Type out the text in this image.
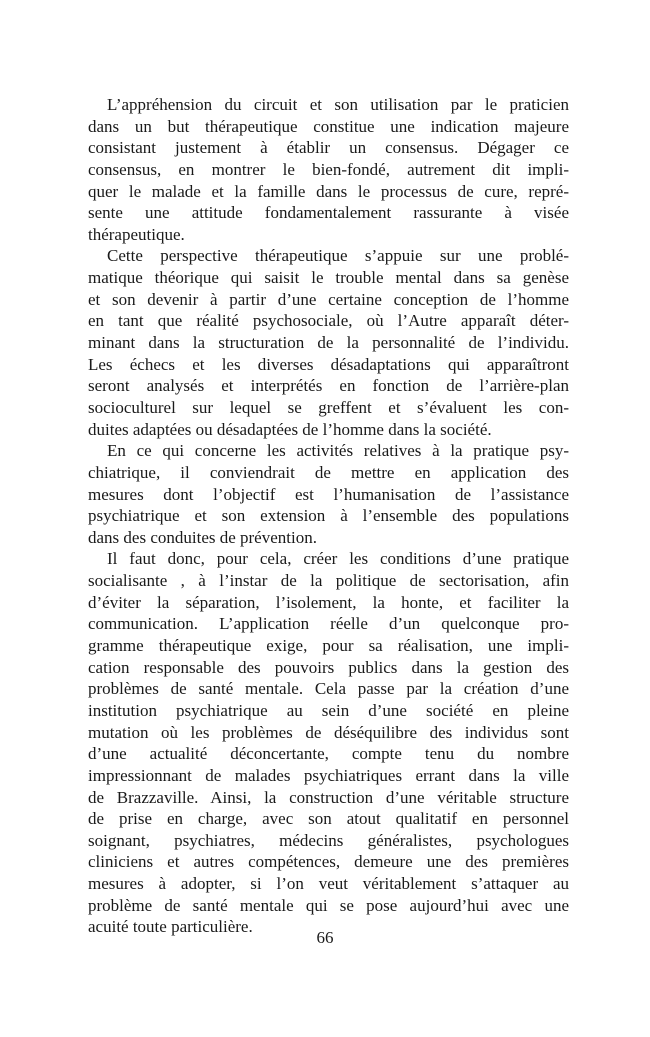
L’appréhension du circuit et son utilisation par le praticien
dans un but thérapeutique constitue une indication majeure
consistant justement à établir un consensus. Dégager ce
consensus, en montrer le bien-fondé, autrement dit impli-
quer le malade et la famille dans le processus de cure, repré-
sente une attitude fondamentalement rassurante à visée
thérapeutique.
Cette perspective thérapeutique s’appuie sur une problé-
matique théorique qui saisit le trouble mental dans sa genèse
et son devenir à partir d’une certaine conception de l’homme
en tant que réalité psychosociale, où l’Autre apparaît déter-
minant dans la structuration de la personnalité de l’individu.
Les échecs et les diverses désadaptations qui apparaîtront
seront analysés et interprétés en fonction de l’arrière-plan
socioculturel sur lequel se greffent et s’évaluent les con-
duites adaptées ou désadaptées de l’homme dans la société.
En ce qui concerne les activités relatives à la pratique psy-
chiatrique, il conviendrait de mettre en application des
mesures dont l’objectif est l’humanisation de l’assistance
psychiatrique et son extension à l’ensemble des populations
dans des conduites de prévention.
Il faut donc, pour cela, créer les conditions d’une pratique
socialisante , à l’instar de la politique de sectorisation, afin
d’éviter la séparation, l’isolement, la honte, et faciliter la
communication. L’application réelle d’un quelconque pro-
gramme thérapeutique exige, pour sa réalisation, une impli-
cation responsable des pouvoirs publics dans la gestion des
problèmes de santé mentale. Cela passe par la création d’une
institution psychiatrique au sein d’une société en pleine
mutation où les problèmes de déséquilibre des individus sont
d’une actualité déconcertante, compte tenu du nombre
impressionnant de malades psychiatriques errant dans la ville
de Brazzaville. Ainsi, la construction d’une véritable structure
de prise en charge, avec son atout qualitatif en personnel
soignant, psychiatres, médecins généralistes, psychologues
cliniciens et autres compétences, demeure une des premières
mesures à adopter, si l’on veut véritablement s’attaquer au
problème de santé mentale qui se pose aujourd’hui avec une
acuité toute particulière.
66
